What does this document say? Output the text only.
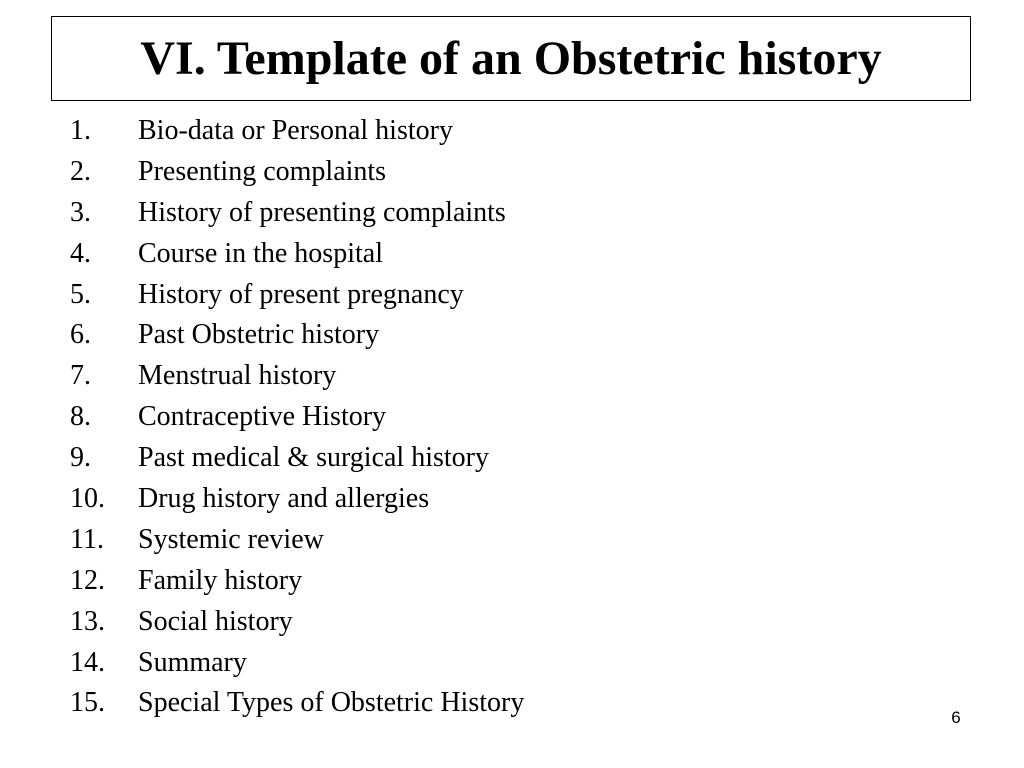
VI. Template of an Obstetric history
1. Bio-data or Personal history
2. Presenting complaints
3. History of presenting complaints
4. Course in the hospital
5. History of present pregnancy
6. Past Obstetric history
7. Menstrual history
8. Contraceptive History
9. Past medical & surgical history
10. Drug history and allergies
11. Systemic review
12. Family history
13. Social history
14. Summary
15. Special Types of Obstetric History	6
